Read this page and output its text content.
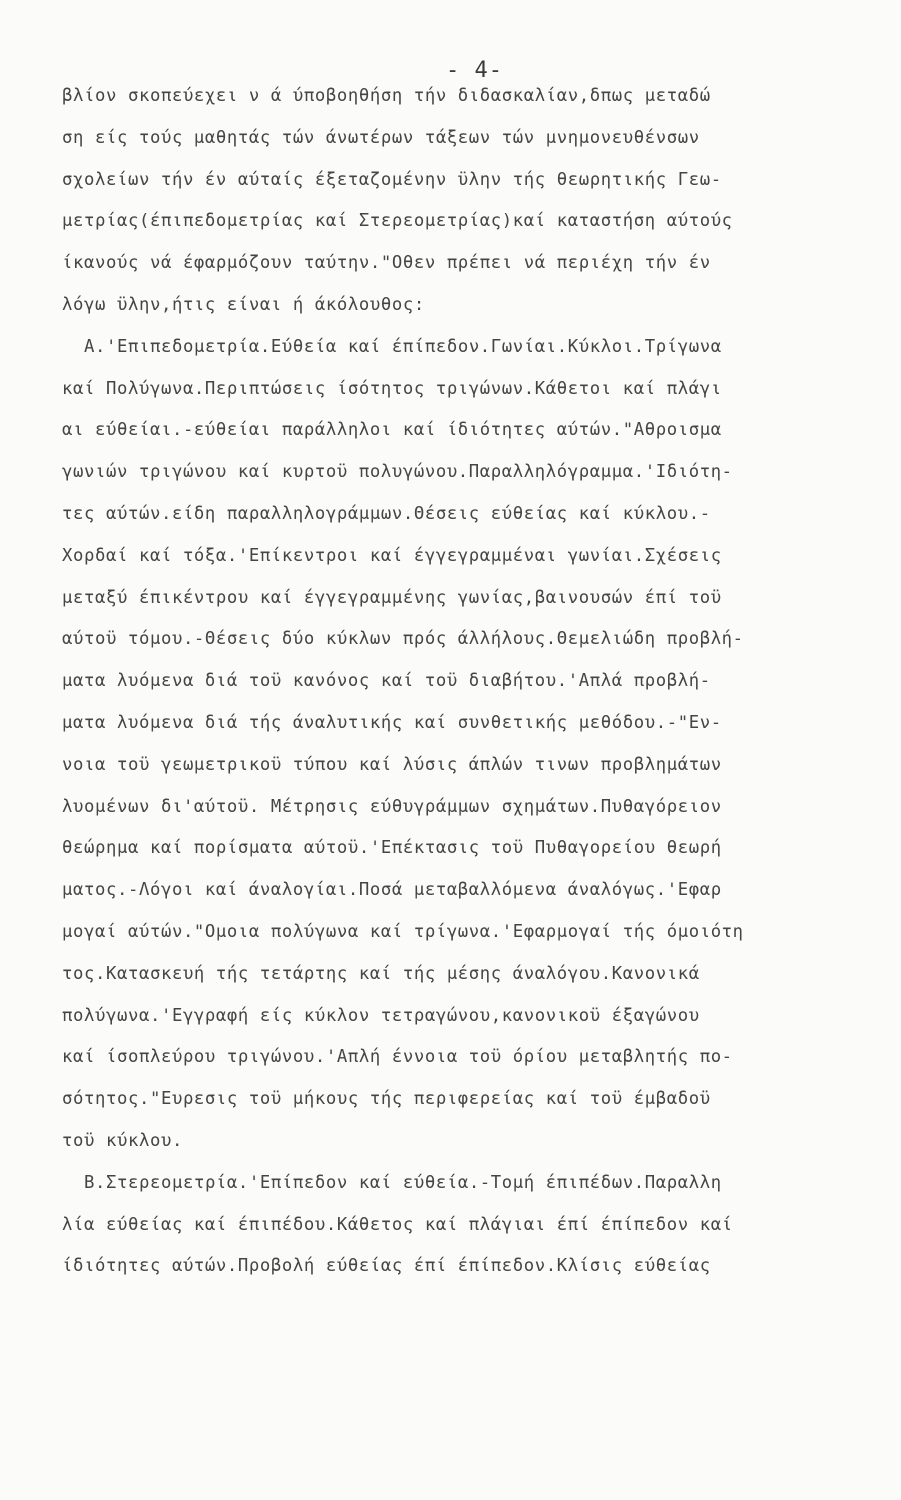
- 4-
βλίον σκοπεύεχει ν ά ύποβοηθήση τήν διδασκαλίαν,δπως μεταδώ
ση είς τούς μαθητάς τών άνωτέρων τάξεων τών μνημονευθένσων
σχολείων τήν έν αύταίς έξεταζομένην ϋλην τής θεωρητικής Γεω-
μετρίας(έπιπεδομετρίας καί Στερεομετρίας)καί καταστήση αύτούς
ίκανούς νά έφαρμόζουν ταύτην."Οθεν πρέπει νά περιέχη τήν έν
λόγω ϋλην,ήτις είναι ή άκόλουθος:
Α.'Επιπεδομετρία.Εύθεία καί έπίπεδον.Γωνίαι.Κύκλοι.Τρίγωνα
καί Πολύγωνα.Περιπτώσεις ίσότητος τριγώνων.Κάθετοι καί πλάγι
αι εύθείαι.-εύθείαι παράλληλοι καί ίδιότητες αύτών."Αθροισμα
γωνιών τριγώνου καί κυρτοϋ πολυγώνου.Παραλληλόγραμμα.'Ιδιότη-
τες αύτών.είδη παραλληλογράμμων.Θέσεις εύθείας καί κύκλου.-
Χορδαί καί τόξα.'Επίκεντροι καί έγγεγραμμέναι γωνίαι.Σχέσεις
μεταξύ έπικέντρου καί έγγεγραμμένης γωνίας,βαινουσών έπί τοϋ
αύτοϋ τόμου.-Θέσεις δύο κύκλων πρός άλλήλους.Θεμελιώδη προβλή-
ματα λυόμενα διά τοϋ κανόνος καί τοϋ διαβήτου.'Απλά προβλή-
ματα λυόμενα διά τής άναλυτικής καί συνθετικής μεθόδου.-"Εν-
νοια τοϋ γεωμετρικοϋ τύπου καί λύσις άπλών τινων προβλημάτων
λυομένων δι'αύτοϋ. Μέτρησις εύθυγράμμων σχημάτων.Πυθαγόρειον
θεώρημα καί πορίσματα αύτοϋ.'Επέκτασις τοϋ Πυθαγορείου θεωρή
ματος.-Λόγοι καί άναλογίαι.Ποσά μεταβαλλόμενα άναλόγως.'Εφαρ
μογαί αύτών."Ομοια πολύγωνα καί τρίγωνα.'Εφαρμογαί τής όμοιότη
τος.Κατασκευή τής τετάρτης καί τής μέσης άναλόγου.Κανονικά
πολύγωνα.'Εγγραφή είς κύκλον τετραγώνου,κανονικοϋ έξαγώνου
καί ίσοπλεύρου τριγώνου.'Απλή έννοια τοϋ όρίου μεταβλητής πο-
σότητος."Ευρεσις τοϋ μήκους τής περιφερείας καί τοϋ έμβαδοϋ
τοϋ κύκλου.
Β.Στερεομετρία.'Επίπεδον καί εύθεία.-Τομή έπιπέδων.Παραλλη
λία εύθείας καί έπιπέδου.Κάθετος καί πλάγιαι έπί έπίπεδον καί
ίδιότητες αύτών.Προβολή εύθείας έπί έπίπεδον.Κλίσις εύθείας
